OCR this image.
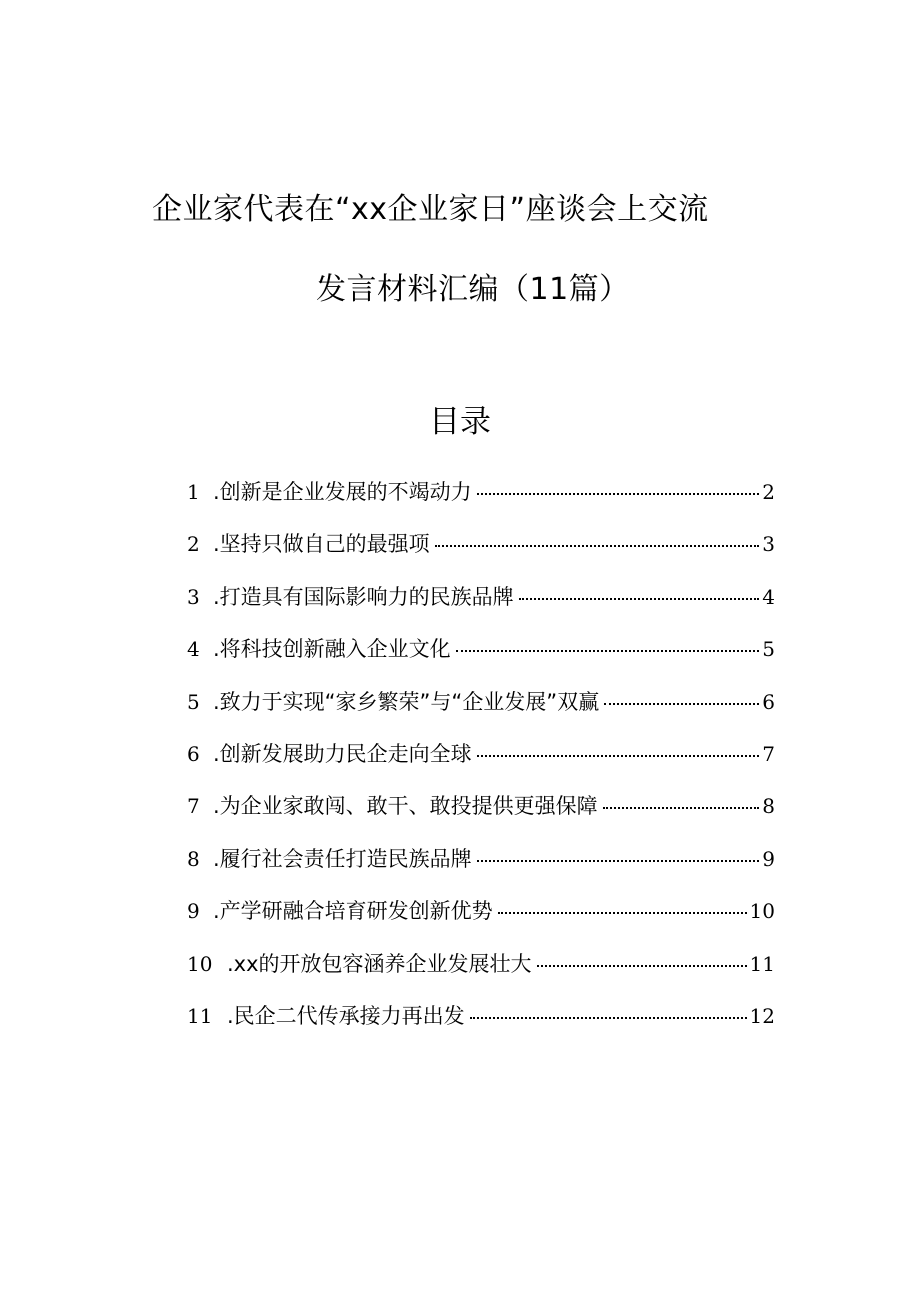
企业家代表在“xx企业家日”座谈会上交流
发言材料汇编（11篇）
目录
1 .创新是企业发展的不竭动力	2
2 .坚持只做自己的最强项	3
3 .打造具有国际影响力的民族品牌	4
4 .将科技创新融入企业文化	5
5 .致力于实现“家乡繁荣”与“企业发展”双赢	6
6 .创新发展助力民企走向全球	7
7 .为企业家敢闯、敢干、敢投提供更强保障	8
8 .履行社会责任打造民族品牌	9
9 .产学研融合培育研发创新优势	10
10 .xx的开放包容涵养企业发展壮大	11
11 .民企二代传承接力再出发	12
